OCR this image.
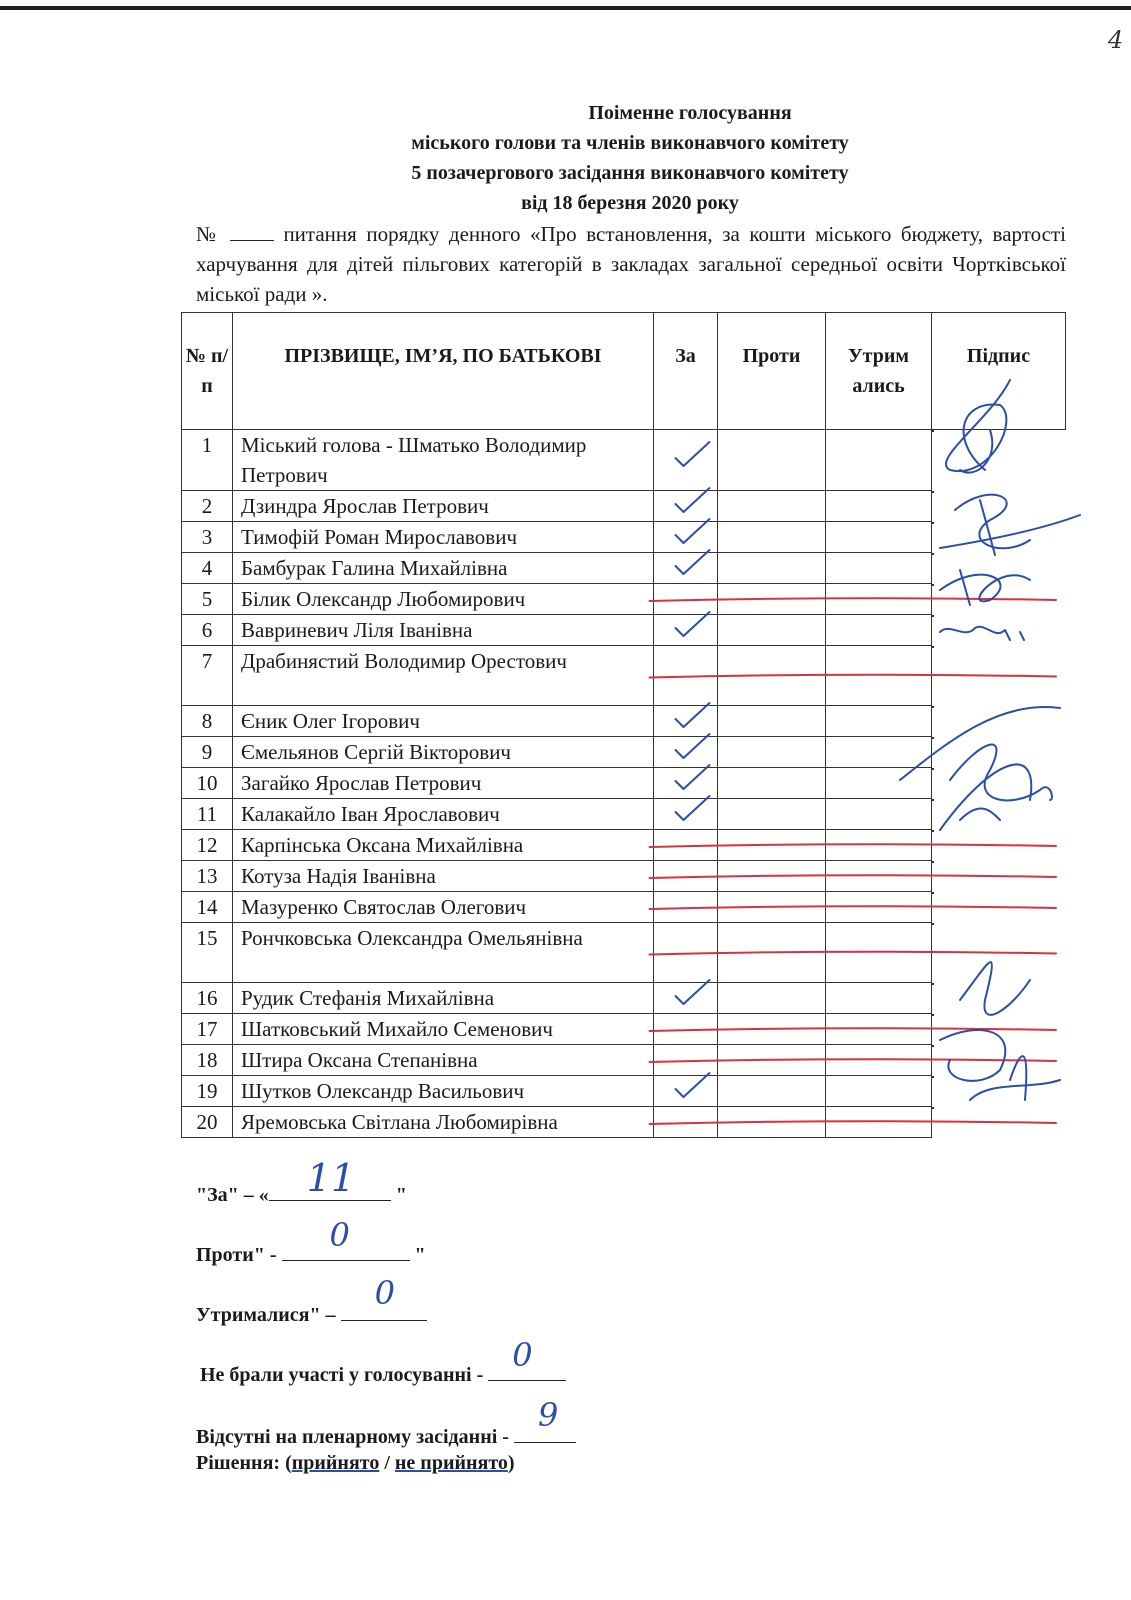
4
Поіменне голосування
міського голови та членів виконавчого комітету
5 позачергового засідання виконавчого комітету
від 18 березня 2020 року
№	питання порядку денного «Про встановлення, за кошти міського бюджету, вартості харчування для дітей пільгових категорій в закладах загальної середньої освіти Чортківської міської ради ».
№ п/ п	ПРІЗВИЩЕ, ІМ’Я, ПО БАТЬКОВІ	За	Проти	Утрим ались	Підпис
1	Міський голова - Шматько Володимир Петрович				

2	Дзиндра Ярослав Петрович				

3	Тимофій Роман Мирославович				

4	Бамбурак Галина Михайлівна				

5	Білик Олександр Любомирович				

6	Вавриневич Ліля Іванівна				

7	Драбинястий Володимир Орестович				

8	Єник Олег Ігорович				

9	Ємельянов Сергій Вікторович				

10	Загайко Ярослав Петрович				

11	Калакайло Іван Ярославович				

12	Карпінська Оксана Михайлівна				

13	Котуза Надія Іванівна				

14	Мазуренко Святослав Олегович				

15	Рончковська Олександра Омельянівна				

16	Рудик Стефанія Михайлівна				

17	Шатковський Михайло Семенович				

18	Штира Оксана Степанівна				

19	Шутков Олександр Васильович				

20	Яремовська Світлана Любомирівна				
"За" – « 11 "
Проти" -
0
"
Утрималися" –
0
Не брали участі у голосуванні -
0
Відсутні на пленарному засіданні -
9
Рішення: (прийнято / не прийнято)
